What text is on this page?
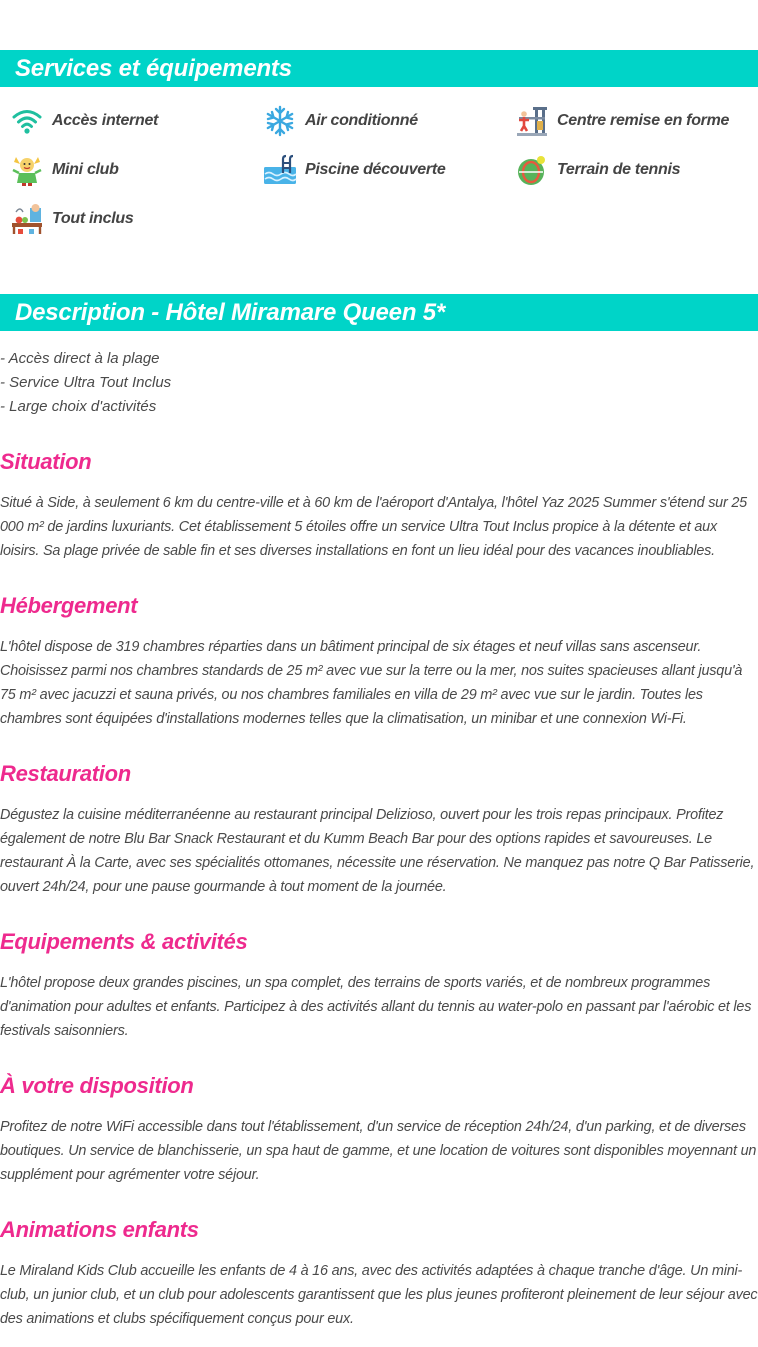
Services et équipements
Accès internet	Air conditionné	Centre remise en forme
Mini club	Piscine découverte	Terrain de tennis
Tout inclus
Description - Hôtel Miramare Queen 5*
- Accès direct à la plage
- Service Ultra Tout Inclus
- Large choix d'activités
Situation
Situé à Side, à seulement 6 km du centre-ville et à 60 km de l'aéroport d'Antalya, l'hôtel Yaz 2025 Summer s'étend sur 25 000 m² de jardins luxuriants. Cet établissement 5 étoiles offre un service Ultra Tout Inclus propice à la détente et aux loisirs. Sa plage privée de sable fin et ses diverses installations en font un lieu idéal pour des vacances inoubliables.
Hébergement
L'hôtel dispose de 319 chambres réparties dans un bâtiment principal de six étages et neuf villas sans ascenseur. Choisissez parmi nos chambres standards de 25 m² avec vue sur la terre ou la mer, nos suites spacieuses allant jusqu'à 75 m² avec jacuzzi et sauna privés, ou nos chambres familiales en villa de 29 m² avec vue sur le jardin. Toutes les chambres sont équipées d'installations modernes telles que la climatisation, un minibar et une connexion Wi-Fi.
Restauration
Dégustez la cuisine méditerranéenne au restaurant principal Delizioso, ouvert pour les trois repas principaux. Profitez également de notre Blu Bar Snack Restaurant et du Kumm Beach Bar pour des options rapides et savoureuses. Le restaurant À la Carte, avec ses spécialités ottomanes, nécessite une réservation. Ne manquez pas notre Q Bar Patisserie, ouvert 24h/24, pour une pause gourmande à tout moment de la journée.
Equipements & activités
L'hôtel propose deux grandes piscines, un spa complet, des terrains de sports variés, et de nombreux programmes d'animation pour adultes et enfants. Participez à des activités allant du tennis au water-polo en passant par l'aérobic et les festivals saisonniers.
À votre disposition
Profitez de notre WiFi accessible dans tout l'établissement, d'un service de réception 24h/24, d'un parking, et de diverses boutiques. Un service de blanchisserie, un spa haut de gamme, et une location de voitures sont disponibles moyennant un supplément pour agrémenter votre séjour.
Animations enfants
Le Miraland Kids Club accueille les enfants de 4 à 16 ans, avec des activités adaptées à chaque tranche d'âge. Un mini-club, un junior club, et un club pour adolescents garantissent que les plus jeunes profiteront pleinement de leur séjour avec des animations et clubs spécifiquement conçus pour eux.
